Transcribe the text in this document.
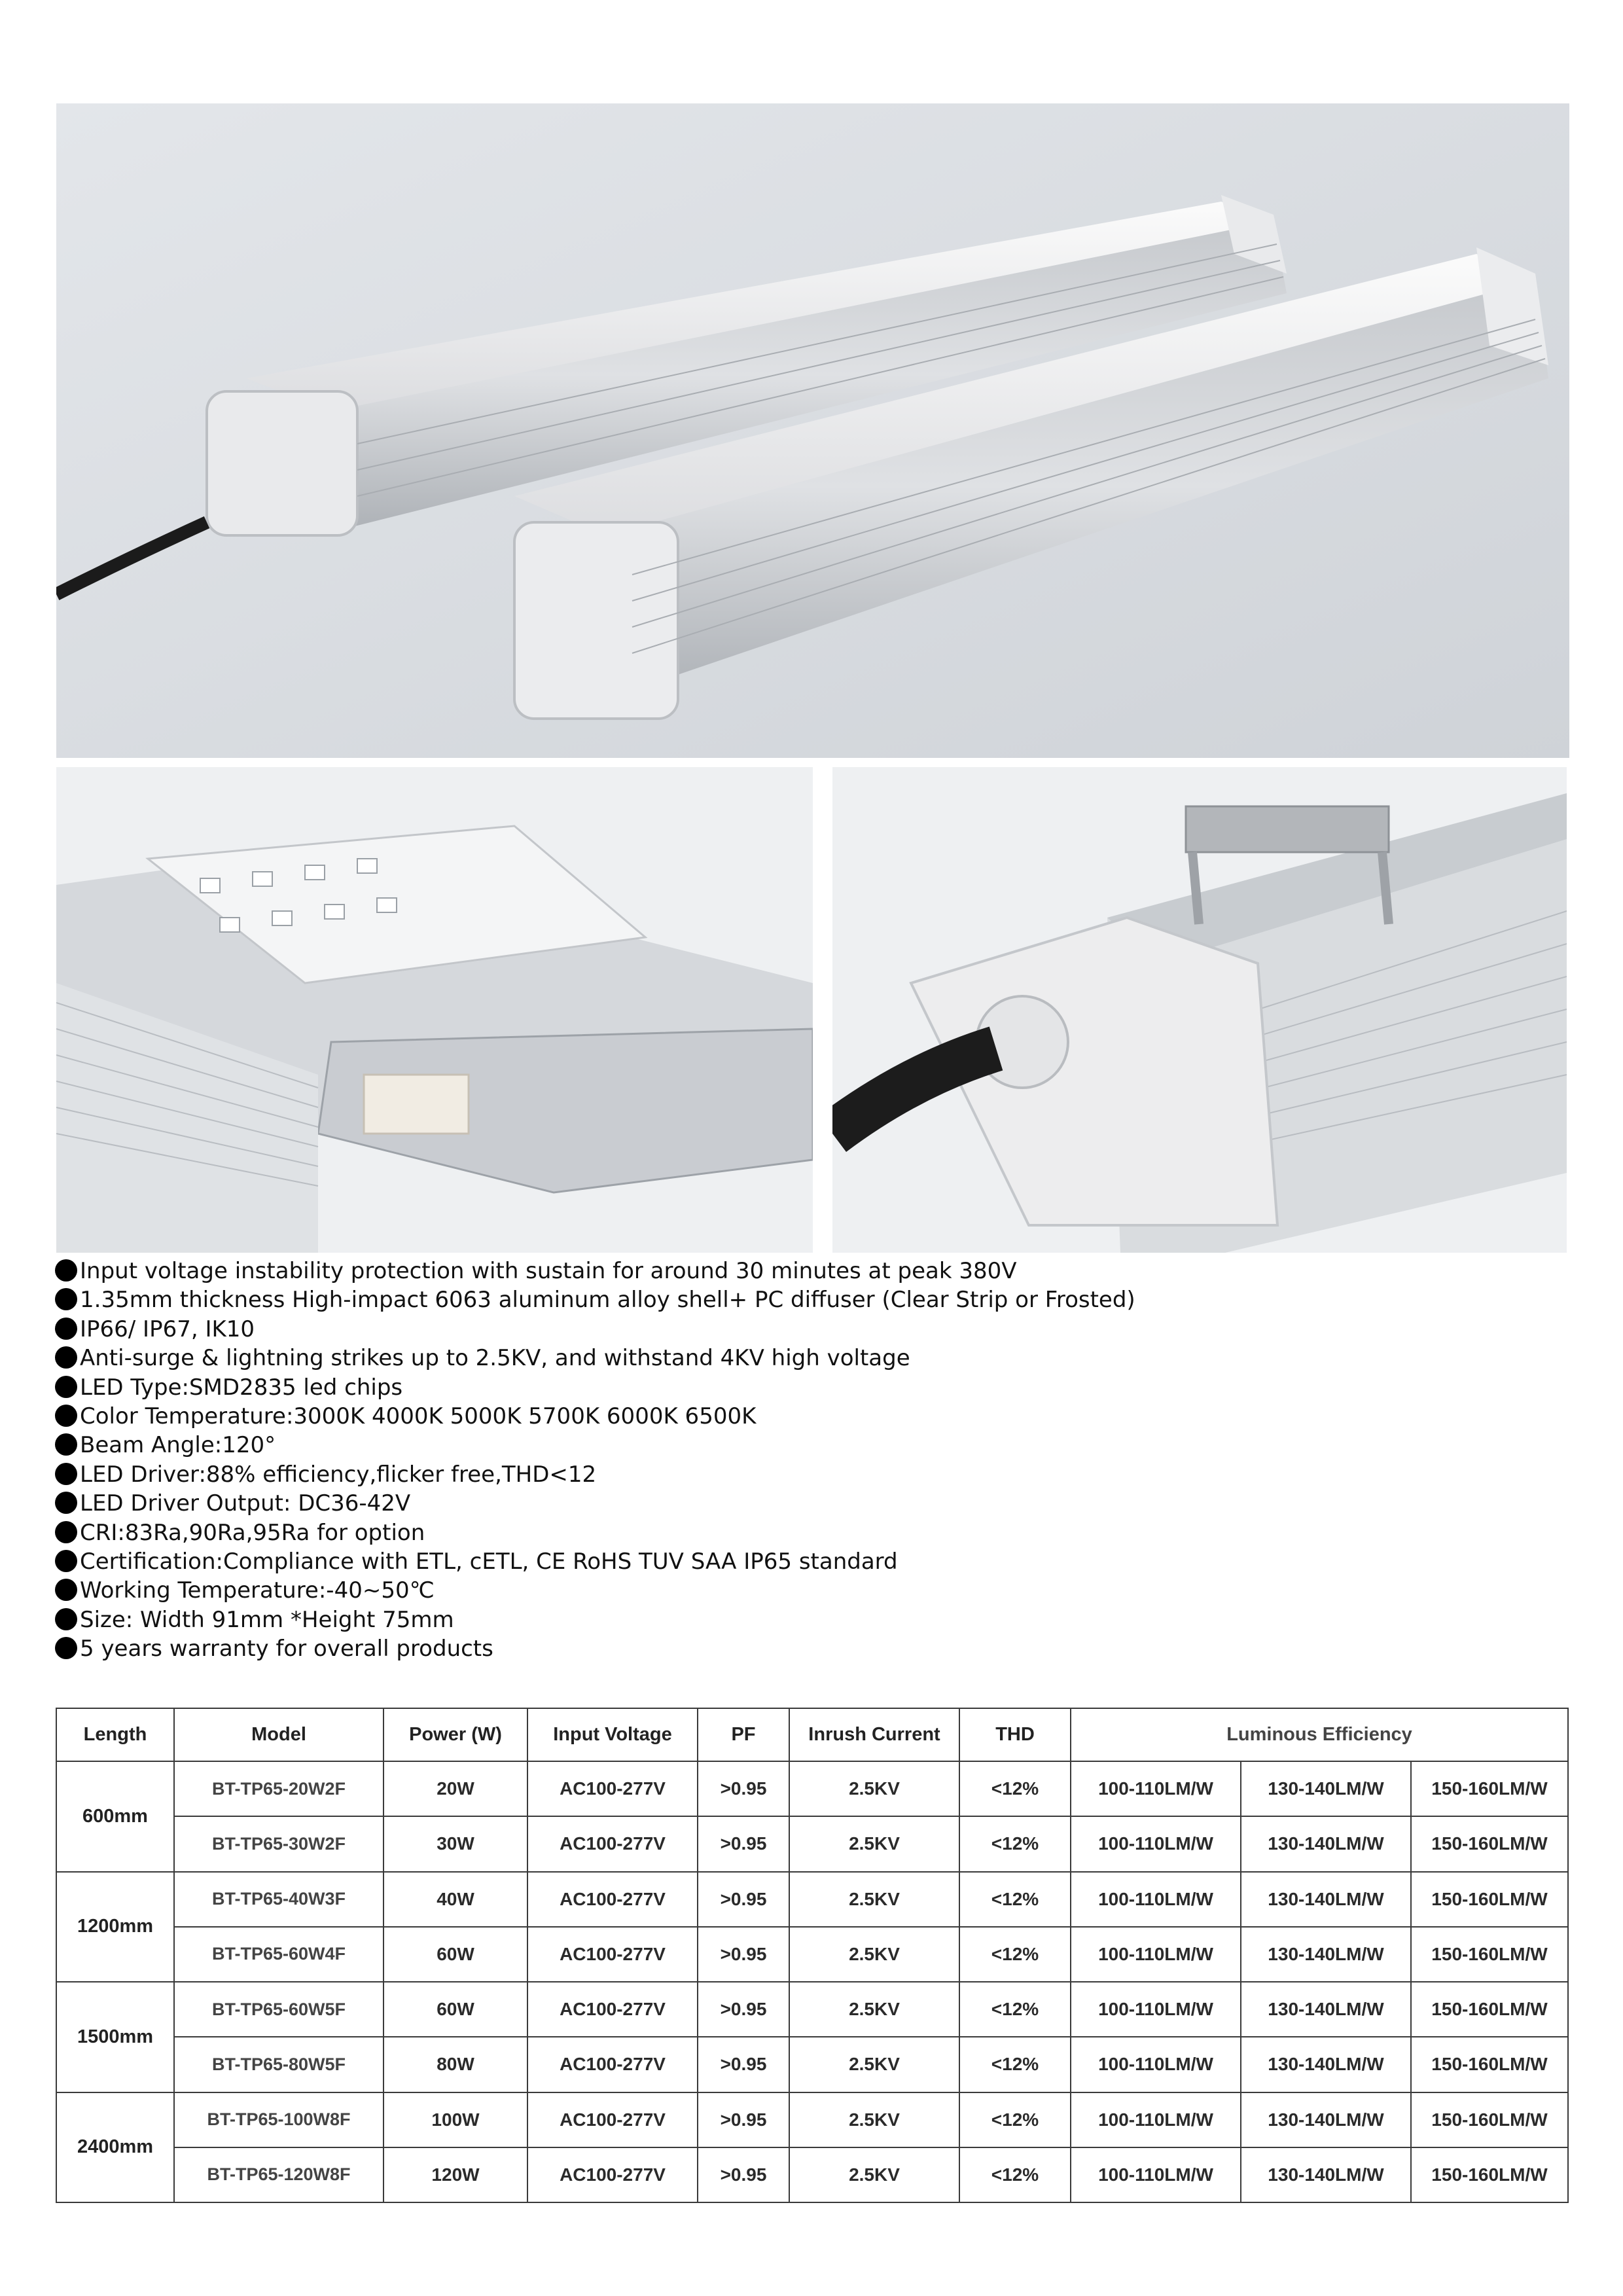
Input voltage instability protection with sustain for around 30 minutes at peak 380V
1.35mm thickness High-impact 6063 aluminum alloy shell+ PC diffuser (Clear Strip or Frosted)
IP66/ IP67, IK10
Anti-surge & lightning strikes up to 2.5KV, and withstand 4KV high voltage
LED Type:SMD2835 led chips
Color Temperature:3000K 4000K 5000K 5700K 6000K 6500K
Beam Angle:120°
LED Driver:88% efficiency,flicker free,THD<12
LED Driver Output: DC36-42V
CRI:83Ra,90Ra,95Ra for option
Certification:Compliance with ETL, cETL, CE RoHS TUV SAA IP65 standard
Working Temperature:-40~50℃
Size: Width 91mm *Height 75mm
5 years warranty for overall products
Length	Model	Power (W)	Input Voltage	PF	Inrush Current	THD	Luminous Efficiency		
600mm	BT-TP65-20W2F	20W	AC100-277V	>0.95	2.5KV	<12%	100-110LM/W	130-140LM/W	150-160LM/W
	BT-TP65-30W2F	30W	AC100-277V	>0.95	2.5KV	<12%	100-110LM/W	130-140LM/W	150-160LM/W
1200mm	BT-TP65-40W3F	40W	AC100-277V	>0.95	2.5KV	<12%	100-110LM/W	130-140LM/W	150-160LM/W
	BT-TP65-60W4F	60W	AC100-277V	>0.95	2.5KV	<12%	100-110LM/W	130-140LM/W	150-160LM/W
1500mm	BT-TP65-60W5F	60W	AC100-277V	>0.95	2.5KV	<12%	100-110LM/W	130-140LM/W	150-160LM/W
	BT-TP65-80W5F	80W	AC100-277V	>0.95	2.5KV	<12%	100-110LM/W	130-140LM/W	150-160LM/W
2400mm	BT-TP65-100W8F	100W	AC100-277V	>0.95	2.5KV	<12%	100-110LM/W	130-140LM/W	150-160LM/W
	BT-TP65-120W8F	120W	AC100-277V	>0.95	2.5KV	<12%	100-110LM/W	130-140LM/W	150-160LM/W
